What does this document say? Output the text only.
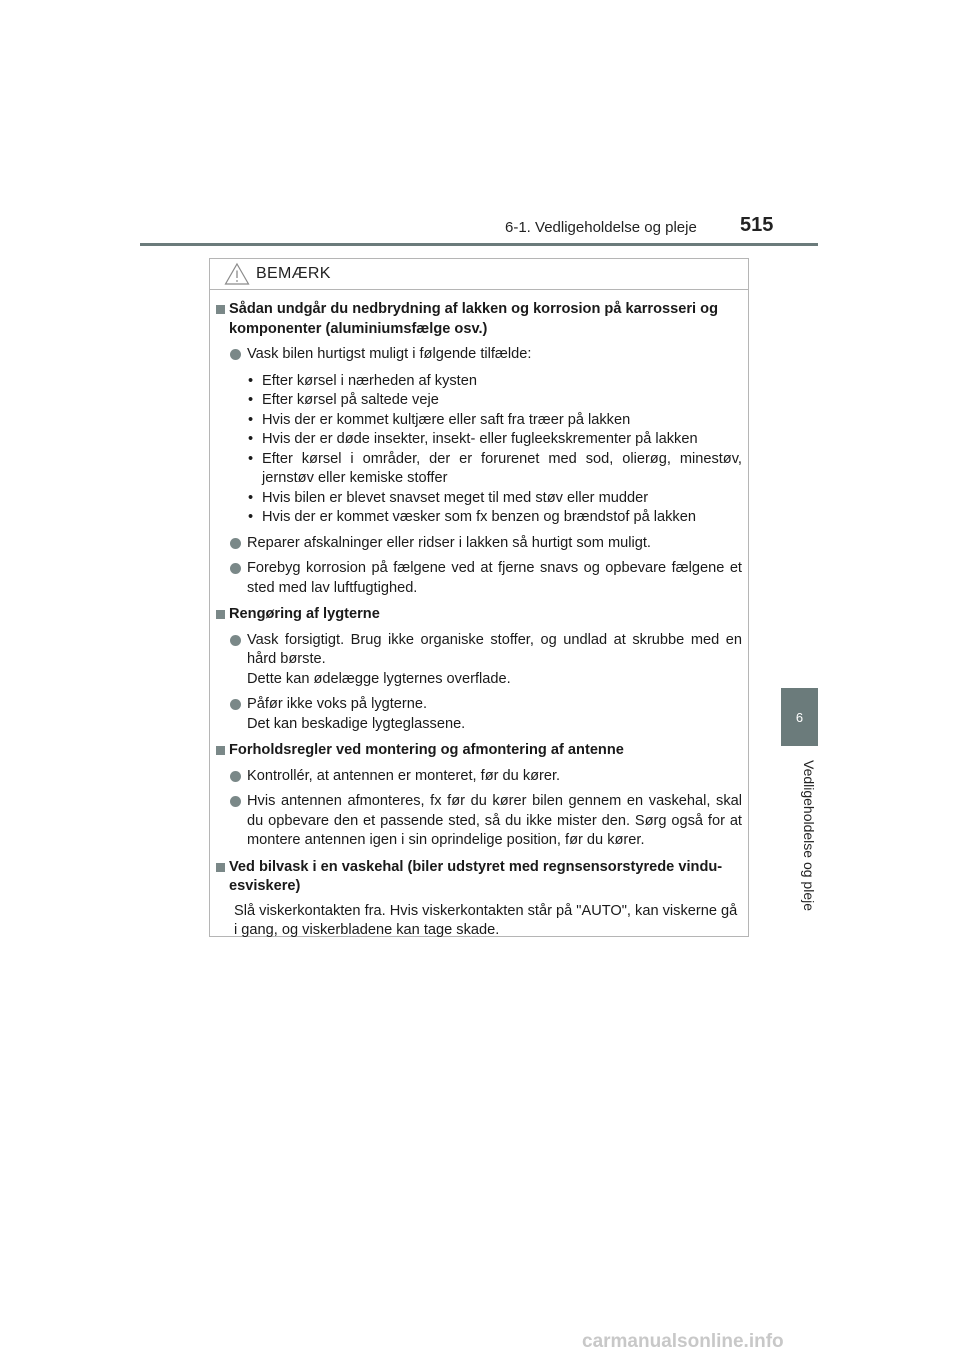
6-1. Vedligeholdelse og pleje 515
6
Vedligeholdelse og pleje
BEMÆRK
Sådan undgår du nedbrydning af lakken og korrosion på karrosseri og komponenter (aluminiumsfælge osv.)
Vask bilen hurtigst muligt i følgende tilfælde:
• Efter kørsel i nærheden af kysten
• Efter kørsel på saltede veje
• Hvis der er kommet kultjære eller saft fra træer på lakken
• Hvis der er døde insekter, insekt- eller fugleekskrementer på lakken
• Efter kørsel i områder, der er forurenet med sod, olierøg, minestøv, jernstøv eller kemiske stoffer
• Hvis bilen er blevet snavset meget til med støv eller mudder
• Hvis der er kommet væsker som fx benzen og brændstof på lakken
Reparer afskalninger eller ridser i lakken så hurtigt som muligt.
Forebyg korrosion på fælgene ved at fjerne snavs og opbevare fælgene et sted med lav luftfugtighed.
Rengøring af lygterne
Vask forsigtigt. Brug ikke organiske stoffer, og undlad at skrubbe med en hård børste.
Dette kan ødelægge lygternes overflade.
Påfør ikke voks på lygterne.
Det kan beskadige lygteglassene.
Forholdsregler ved montering og afmontering af antenne
Kontrollér, at antennen er monteret, før du kører.
Hvis antennen afmonteres, fx før du kører bilen gennem en vaskehal, skal du opbevare den et passende sted, så du ikke mister den. Sørg også for at montere antennen igen i sin oprindelige position, før du kører.
Ved bilvask i en vaskehal (biler udstyret med regnsensorstyrede vindu-esviskere)
Slå viskerkontakten fra. Hvis viskerkontakten står på "AUTO", kan viskerne gå i gang, og viskerbladene kan tage skade.
carmanualsonline.info
